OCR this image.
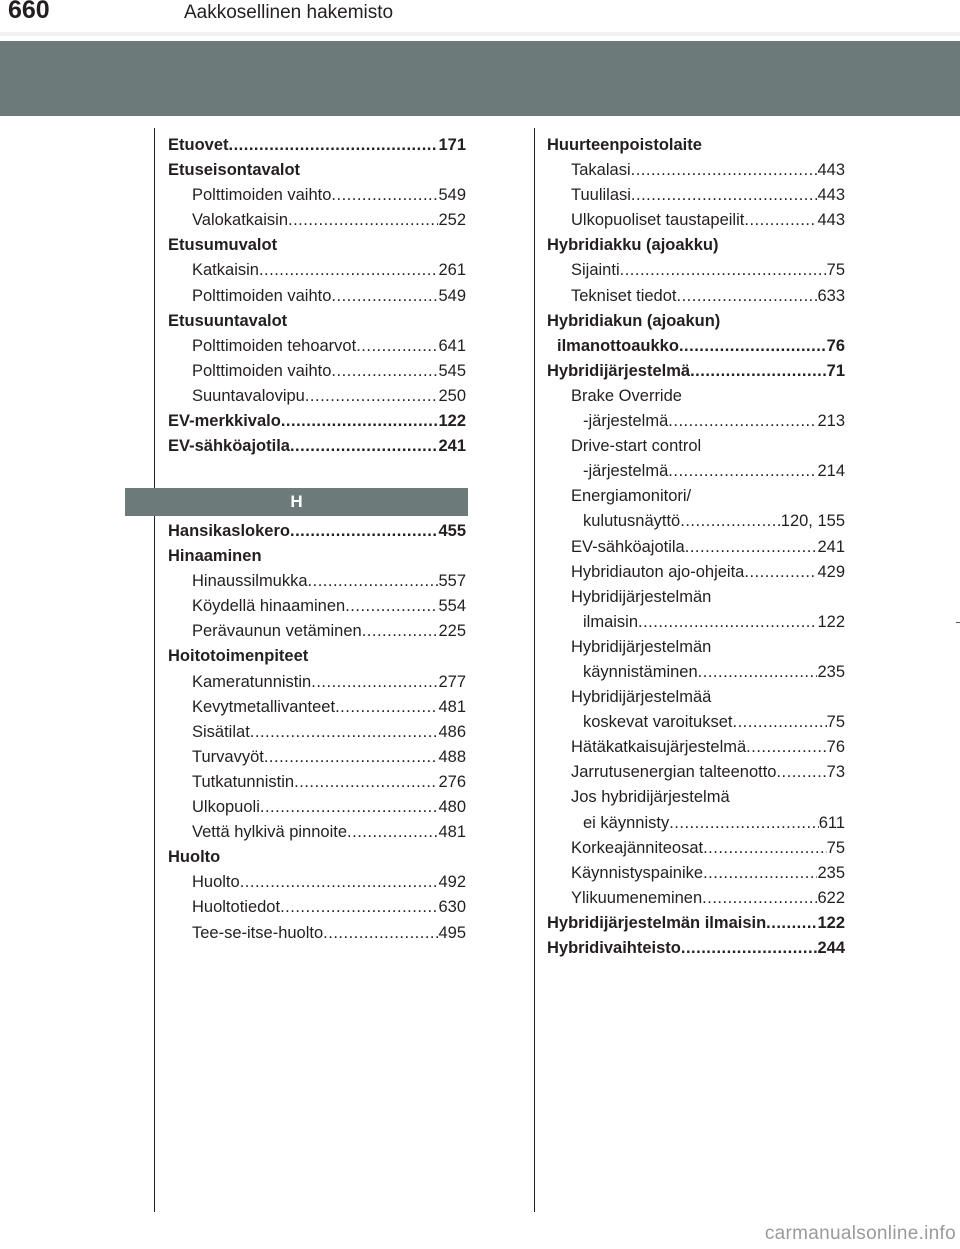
660	Aakkosellinen hakemisto
Etuovet .....	171
Etuseisontavalot
Polttimoiden vaihto .....	549
Valokatkaisin .....	252
Etusumuvalot
Katkaisin .....	261
Polttimoiden vaihto .....	549
Etusuuntavalot
Polttimoiden tehoarvot .....	641
Polttimoiden vaihto .....	545
Suuntavalovipu .....	250
EV-merkkivalo .....	122
EV-sähköajotila .....	241
H
Hansikaslokero .....	455
Hinaaminen
Hinaussilmukka .....	557
Köydellä hinaaminen .....	554
Perävaunun vetäminen .....	225
Hoitotoimenpiteet
Kameratunnistin .....	277
Kevytmetallivanteet .....	481
Sisätilat .....	486
Turvavyöt .....	488
Tutkatunnistin .....	276
Ulkopuoli .....	480
Vettä hylkivä pinnoite .....	481
Huolto
Huolto .....	492
Huoltotiedot .....	630
Tee-se-itse-huolto .....	495
Huurteenpoistolaite
Takalasi .....	443
Tuulilasi .....	443
Ulkopuoliset taustapeilit .....	443
Hybridiakku (ajoakku)
Sijainti .....	75
Tekniset tiedot .....	633
Hybridiakun (ajoakun)
ilmanottoaukko .....	76
Hybridijärjestelmä .....	71
Brake Override
-järjestelmä .....	213
Drive-start control
-järjestelmä .....	214
Energiamonitori/
kulutusnäyttö .....	120, 155
EV-sähköajotila .....	241
Hybridiauton ajo-ohjeita .....	429
Hybridijärjestelmän
ilmaisin .....	122
Hybridijärjestelmän
käynnistäminen .....	235
Hybridijärjestelmää
koskevat varoitukset .....	75
Hätäkatkaisujärjestelmä .....	76
Jarrutusenergian talteenotto .....	73
Jos hybridijärjestelmä
ei käynnisty .....	611
Korkeajänniteosat .....	75
Käynnistyspainike .....	235
Ylikuumeneminen .....	622
Hybridijärjestelmän ilmaisin .....	122
Hybridivaihteisto .....	244
carmanualsonline.info
